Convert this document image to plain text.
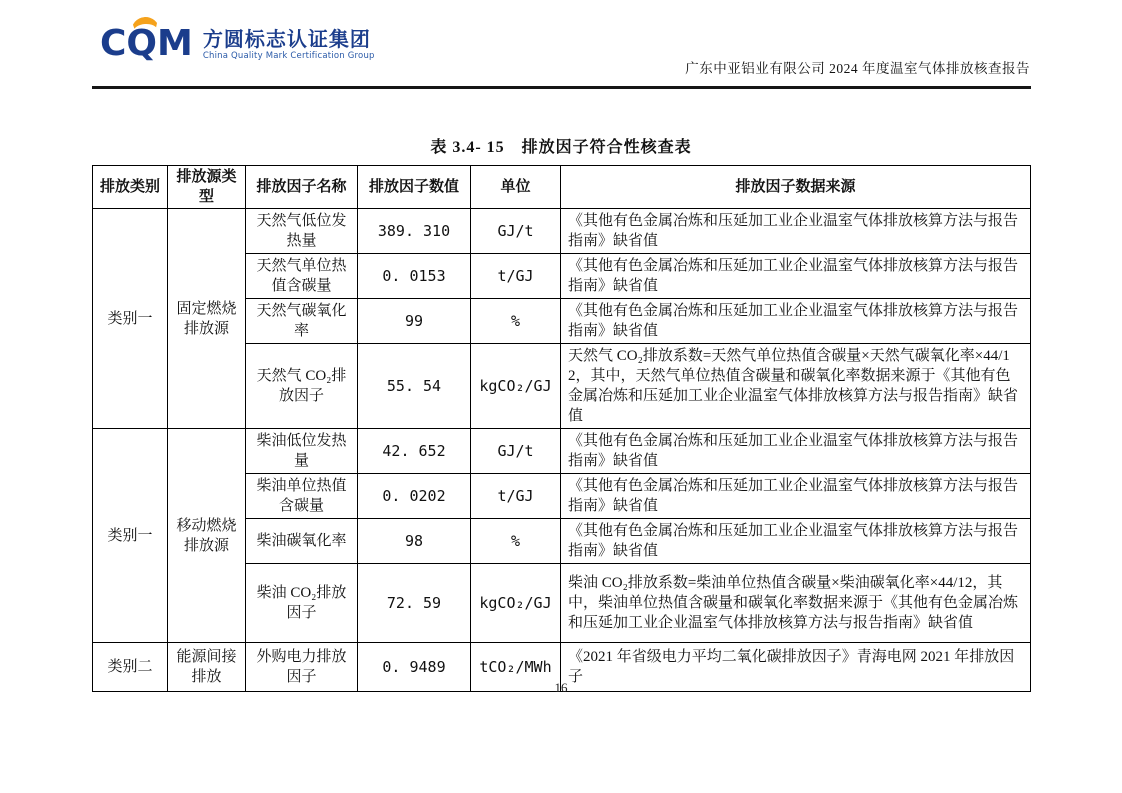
CQM 方圆标志认证集团
China Quality Mark Certification Group
广东中亚铝业有限公司 2024 年度温室气体排放核查报告
表 3.4- 15　排放因子符合性核查表
排放类别	排放源类型	排放因子名称	排放因子数值	单位	排放因子数据来源
类别一	固定燃烧排放源	天然气低位发热量	389. 310	GJ/t	《其他有色金属冶炼和压延加工业企业温室气体排放核算方法与报告指南》缺省值
		天然气单位热值含碳量	0. 0153	t/GJ	《其他有色金属冶炼和压延加工业企业温室气体排放核算方法与报告指南》缺省值
		天然气碳氧化率	99	%	《其他有色金属冶炼和压延加工业企业温室气体排放核算方法与报告指南》缺省值
		天然气 CO₂排放因子	55. 54	kgCO₂/GJ	天然气 CO₂排放系数=天然气单位热值含碳量×天然气碳氧化率×44/12，其中，天然气单位热值含碳量和碳氧化率数据来源于《其他有色金属冶炼和压延加工业企业温室气体排放核算方法与报告指南》缺省值
类别一	移动燃烧排放源	柴油低位发热量	42. 652	GJ/t	《其他有色金属冶炼和压延加工业企业温室气体排放核算方法与报告指南》缺省值
		柴油单位热值含碳量	0. 0202	t/GJ	《其他有色金属冶炼和压延加工业企业温室气体排放核算方法与报告指南》缺省值
		柴油碳氧化率	98	%	《其他有色金属冶炼和压延加工业企业温室气体排放核算方法与报告指南》缺省值
		柴油 CO₂排放因子	72. 59	kgCO₂/GJ	柴油 CO₂排放系数=柴油单位热值含碳量×柴油碳氧化率×44/12，其中，柴油单位热值含碳量和碳氧化率数据来源于《其他有色金属冶炼和压延加工业企业温室气体排放核算方法与报告指南》缺省值
类别二	能源间接排放	外购电力排放因子	0. 9489	tCO₂/MWh	《2021 年省级电力平均二氧化碳排放因子》青海电网 2021 年排放因子
16
